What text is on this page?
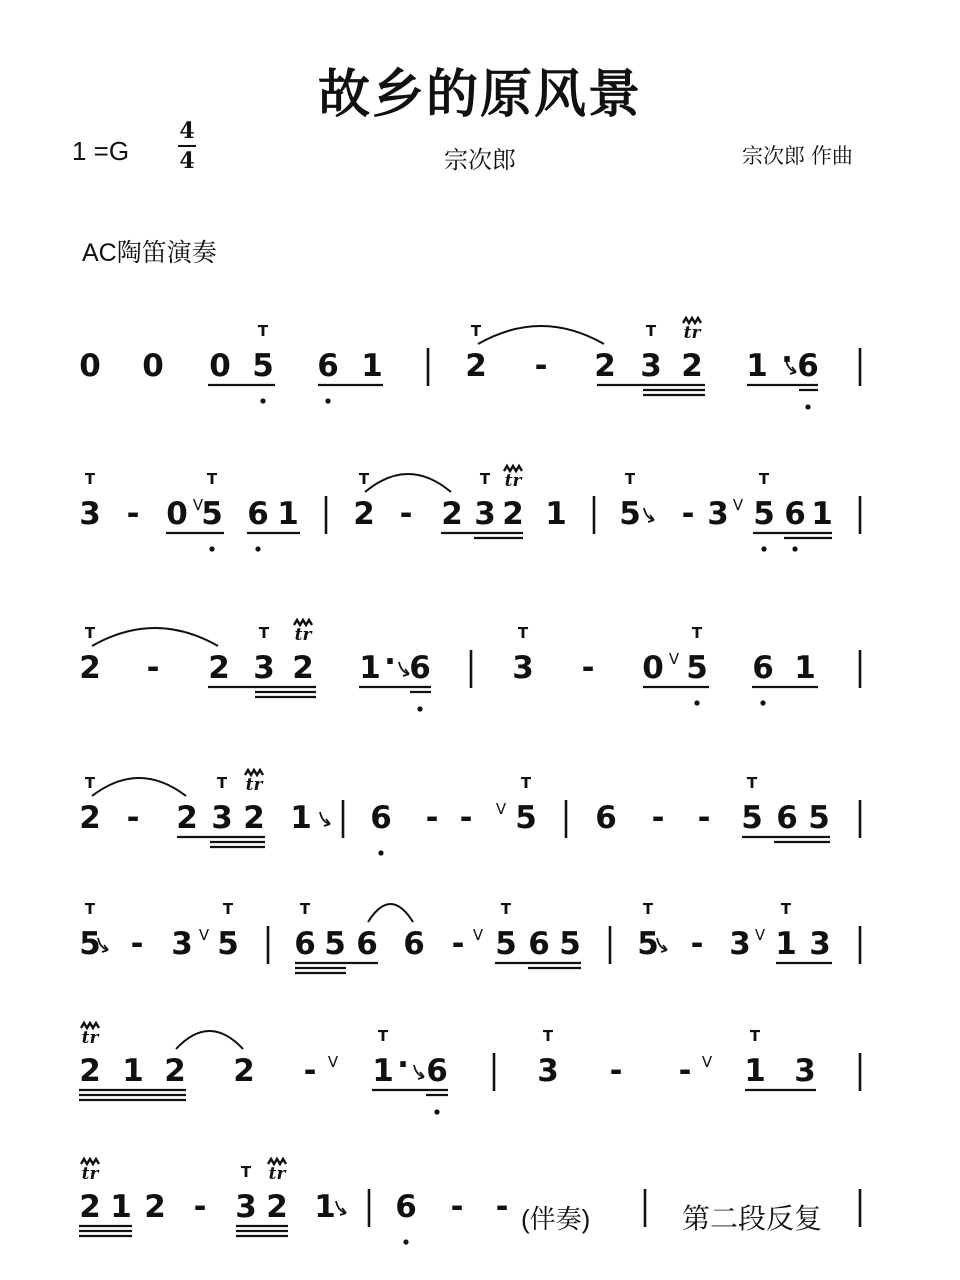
故乡的原风景
1 =G
4
4	宗次郎	宗次郎 作曲
AC陶笛演奏
0 0 0 5 6 1	2 - 2 3 2 1 · 6
T	T	T tr
3 - 0 5 6 1 2 - 2 3 2 1 5 - 3 5 6 1
T	T	T	T	T	T
tr
V	V
2 - 2 3 2 1 · 6	3 - 0 5 6 1
T	T	T	T
tr
V
2 - 2 3 2 1 6 - - 5 6 - - 5 6 5
T	T	T	T
tr
V
5 - 3 5 6 5 6 6 - 5 6 5 5 - 3 1 3
T	T	T	T	T	T
V	V	V
2 1 2 2 - 1 · 6	3 - - 1 3
T	T	T
tr
V	V
2 1 2 - 3 2 1 6 - -
T
tr	tr
(伴奏)	第二段反复
